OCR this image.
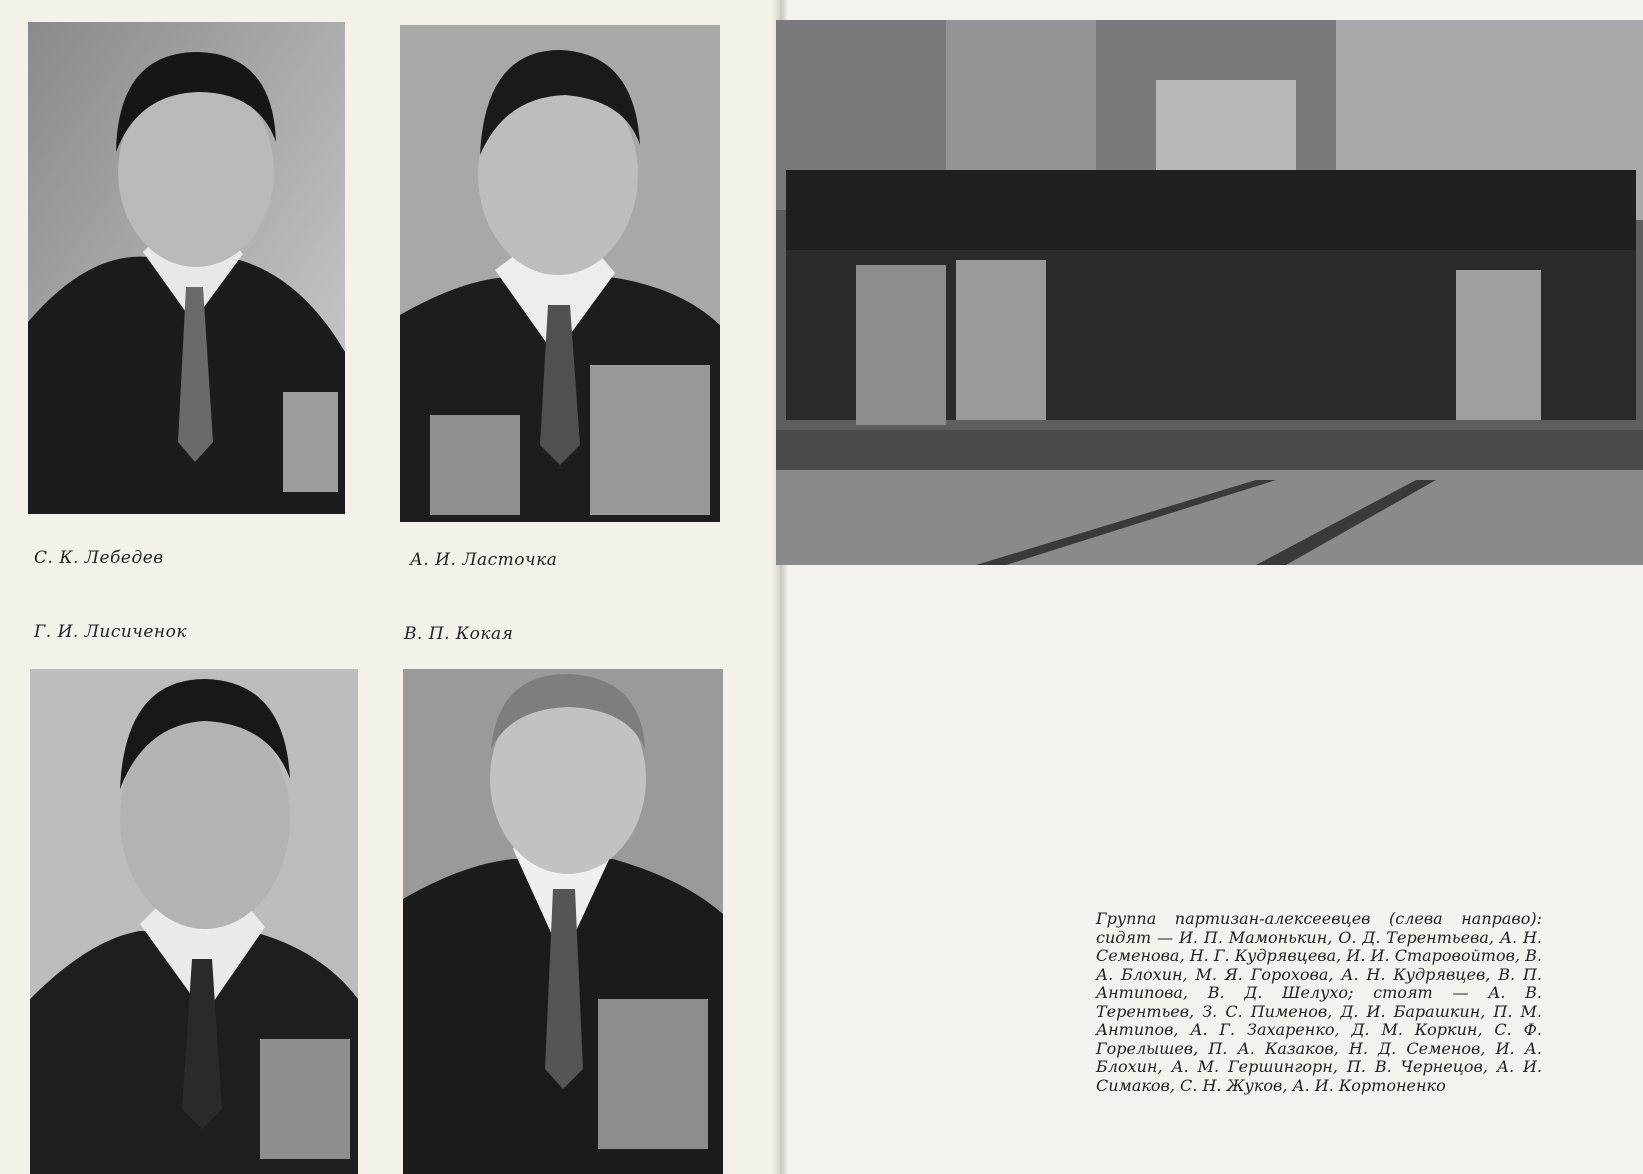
С. К. Лебедев	А. И. Ласточка
Г. И. Лисиченок	В. П. Кокая

Группа партизан-алексеевцев (слева направо): сидят — И. П. Мамонькин, О. Д. Терентьева, А. Н. Семенова, Н. Г. Кудрявцева, И. И. Старовойтов, В. А. Блохин, М. Я. Горохова, А. Н. Кудрявцев, В. П. Антипова, В. Д. Шелухо; стоят — А. В. Терентьев, З. С. Пименов, Д. И. Барашкин, П. М. Антипов, А. Г. Захаренко, Д. М. Коркин, С. Ф. Горелышев, П. А. Казаков, Н. Д. Семенов, И. А. Блохин, А. М. Гершингорн, П. В. Чернецов, А. И. Симаков, С. Н. Жуков, А. И. Кортоненко
